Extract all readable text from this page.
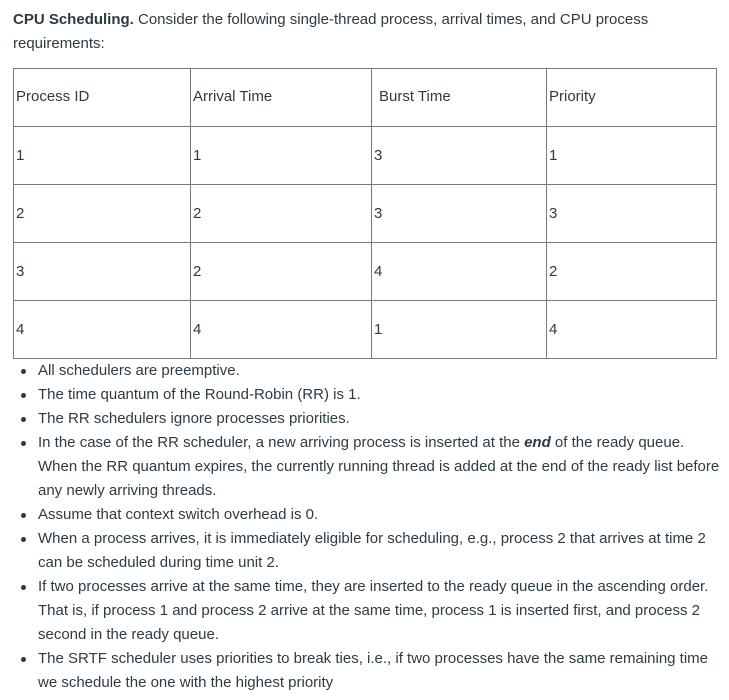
CPU Scheduling. Consider the following single-thread process, arrival times, and CPU process requirements:
Process ID	Arrival Time	Burst Time	Priority
1	1	3	1
2	2	3	3
3	2	4	2
4	4	1	4
All schedulers are preemptive.
The time quantum of the Round-Robin (RR) is 1.
The RR schedulers ignore processes priorities.
In the case of the RR scheduler, a new arriving process is inserted at the end of the ready queue. When the RR quantum expires, the currently running thread is added at the end of the ready list before any newly arriving threads.
Assume that context switch overhead is 0.
When a process arrives, it is immediately eligible for scheduling, e.g., process 2 that arrives at time 2 can be scheduled during time unit 2.
If two processes arrive at the same time, they are inserted to the ready queue in the ascending order. That is, if process 1 and process 2 arrive at the same time, process 1 is inserted first, and process 2 second in the ready queue.
The SRTF scheduler uses priorities to break ties, i.e., if two processes have the same remaining time we schedule the one with the highest priority
